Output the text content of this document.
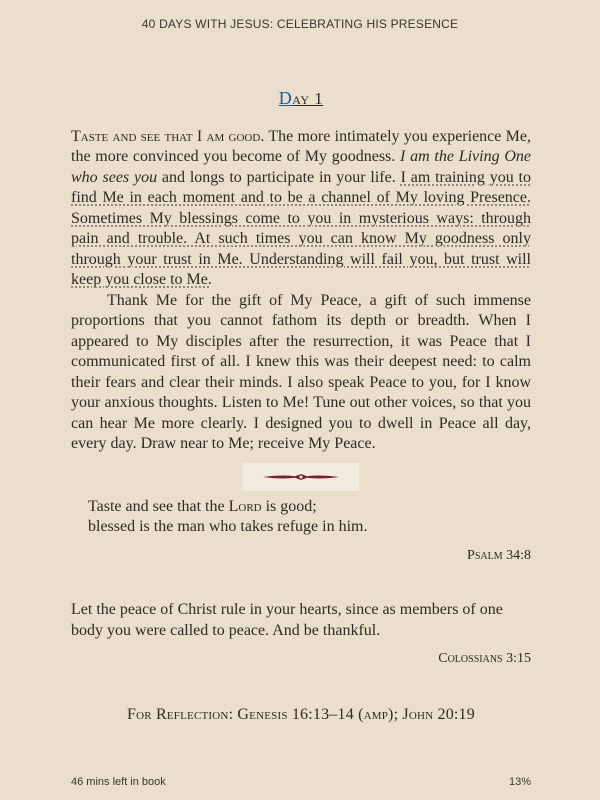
40 DAYS WITH JESUS: CELEBRATING HIS PRESENCE
Day 1

Taste and see that I am good. The more intimately you experience Me, the more convinced you become of My goodness. I am the Living One who sees you and longs to participate in your life. I am training you to find Me in each moment and to be a channel of My loving Presence. Sometimes My blessings come to you in mysterious ways: through pain and trouble. At such times you can know My goodness only through your trust in Me. Understanding will fail you, but trust will keep you close to Me.

Thank Me for the gift of My Peace, a gift of such immense proportions that you cannot fathom its depth or breadth. When I appeared to My disciples after the resurrection, it was Peace that I communicated first of all. I knew this was their deepest need: to calm their fears and clear their minds. I also speak Peace to you, for I know your anxious thoughts. Listen to Me! Tune out other voices, so that you can hear Me more clearly. I designed you to dwell in Peace all day, every day. Draw near to Me; receive My Peace.

Taste and see that the Lord is good;
blessed is the man who takes refuge in him.
Psalm 34:8

Let the peace of Christ rule in your hearts, since as members of one body you were called to peace. And be thankful.

Colossians 3:15
For Reflection: Genesis 16:13–14 (amp); John 20:19
46 mins left in book	13%
